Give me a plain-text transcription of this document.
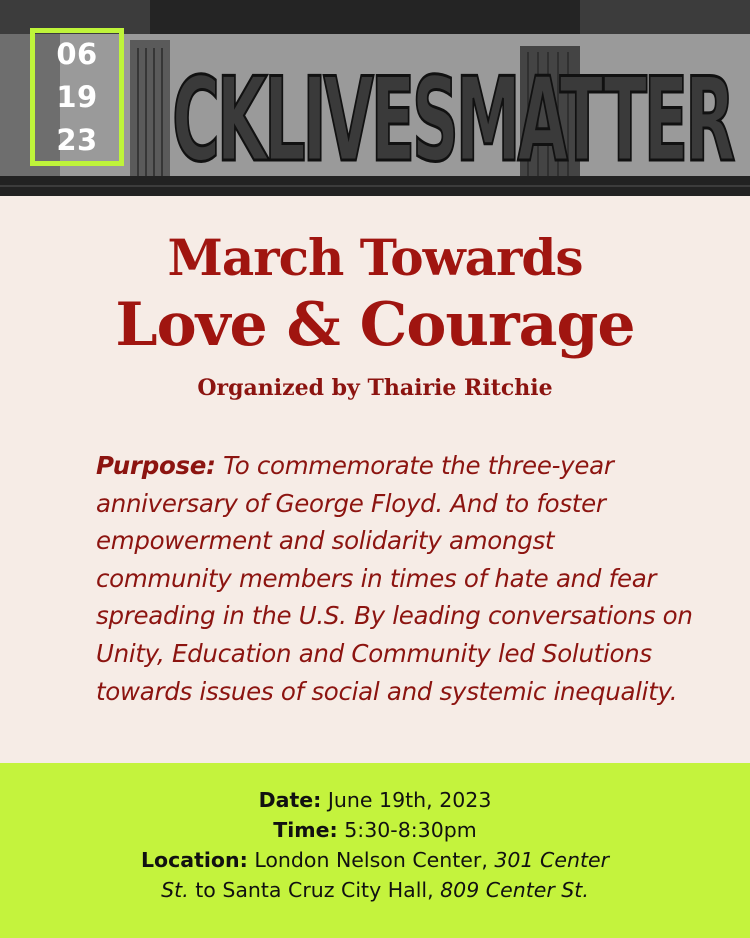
CKLIVESMATTER
06
19
23
March Towards
Love & Courage
Organized by Thairie Ritchie
Purpose: To commemorate the three-year anniversary of George Floyd. And to foster empowerment and solidarity amongst community members in times of hate and fear spreading in the U.S. By leading conversations on Unity, Education and Community led Solutions towards issues of social and systemic inequality.
Date: June 19th, 2023
Time: 5:30-8:30pm
Location: London Nelson Center, 301 Center
St. to Santa Cruz City Hall, 809 Center St.
